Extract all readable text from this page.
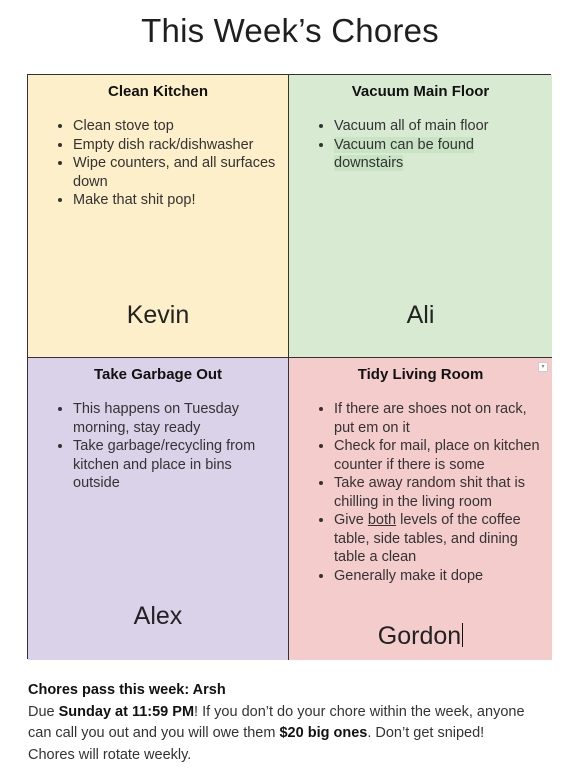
This Week’s Chores
Clean Kitchen
• Clean stove top
• Empty dish rack/dishwasher
• Wipe counters, and all surfaces down
• Make that shit pop!
Kevin
Vacuum Main Floor
• Vacuum all of main floor
• Vacuum can be found downstairs
Ali
Take Garbage Out
• This happens on Tuesday morning, stay ready
• Take garbage/recycling from kitchen and place in bins outside
Alex
▾
Tidy Living Room
• If there are shoes not on rack, put em on it
• Check for mail, place on kitchen counter if there is some
• Take away random shit that is chilling in the living room
• Give both levels of the coffee table, side tables, and dining table a clean
• Generally make it dope
Gordon
Chores pass this week: Arsh
Due Sunday at 11:59 PM! If you don’t do your chore within the week, anyone can call you out and you will owe them $20 big ones. Don’t get sniped! Chores will rotate weekly.
